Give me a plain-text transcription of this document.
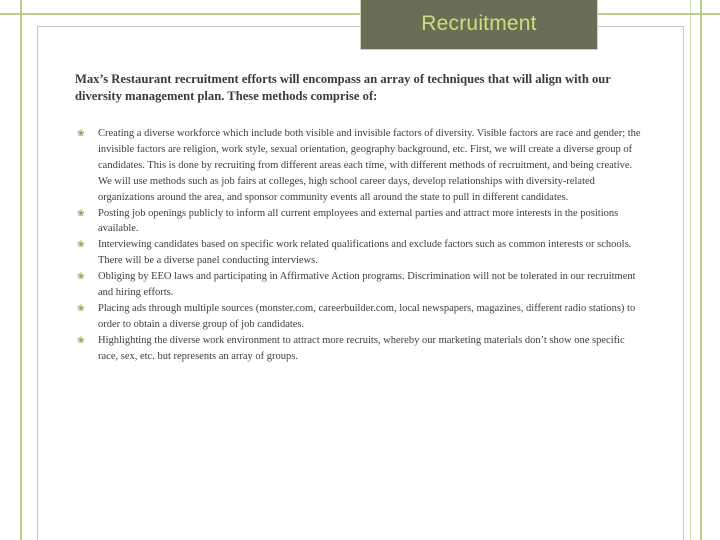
Recruitment
Max’s Restaurant recruitment efforts will encompass an array of techniques that will align with our diversity management plan. These methods comprise of:
❀	Creating a diverse workforce which include both visible and invisible factors of diversity. Visible factors are race and gender; the invisible factors are religion, work style, sexual orientation, geography background, etc. First, we will create a diverse group of candidates. This is done by recruiting from different areas each time, with different methods of recruitment, and being creative. We will use methods such as job fairs at colleges, high school career days, develop relationships with diversity-related organizations around the area, and sponsor community events all around the state to pull in different candidates.
❀	Posting job openings publicly to inform all current employees and external parties and attract more interests in the positions available.
❀	Interviewing candidates based on specific work related qualifications and exclude factors such as common interests or schools. There will be a diverse panel conducting interviews.
❀	Obliging by EEO laws and participating in Affirmative Action programs. Discrimination will not be tolerated in our recruitment and hiring efforts.
❀	Placing ads through multiple sources (monster.com, careerbuilder.com, local newspapers, magazines, different radio stations) to order to obtain a diverse group of job candidates.
❀	Highlighting the diverse work environment to attract more recruits, whereby our marketing materials don’t show one specific race, sex, etc. but represents an array of groups.
